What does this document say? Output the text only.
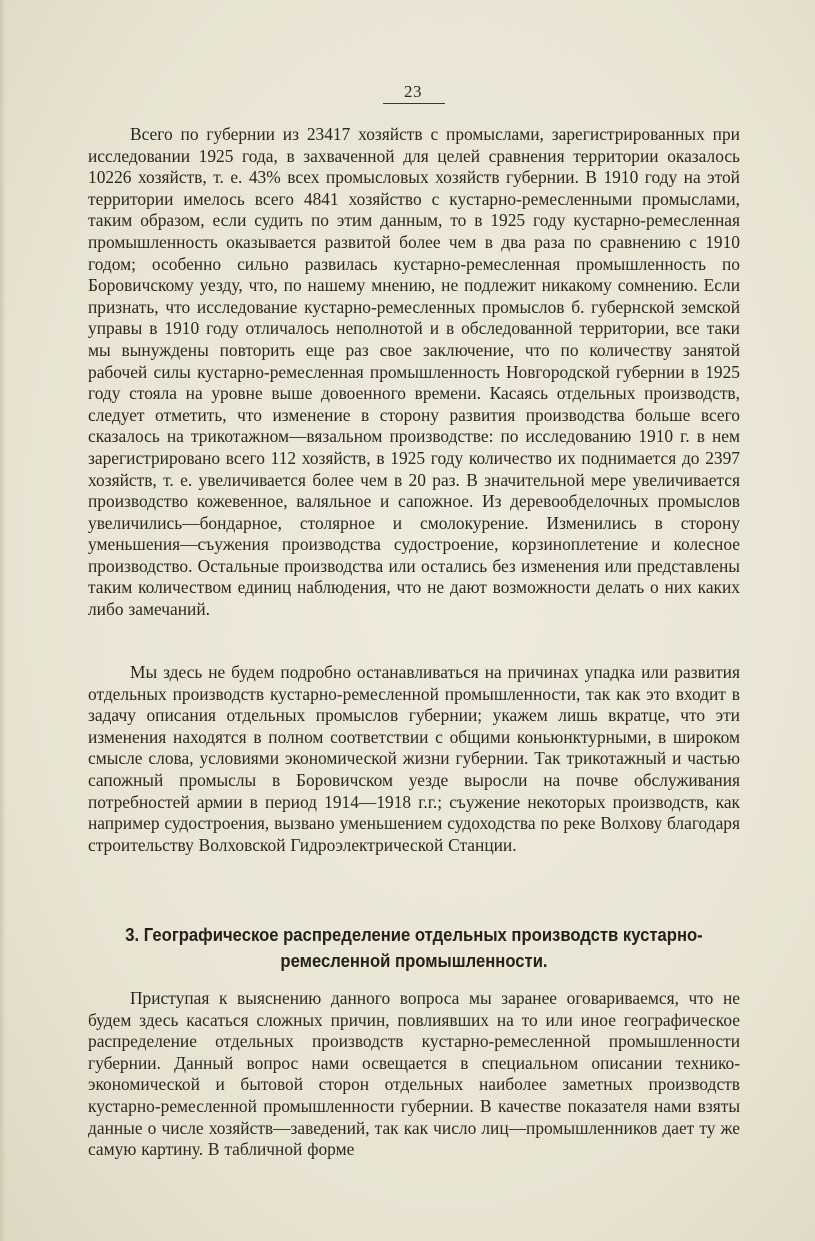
23

Всего по губернии из 23417 хозяйств с промыслами, зарегистрированных при исследовании 1925 года, в захваченной для целей сравнения территории оказалось 10226 хозяйств, т. е. 43% всех промысловых хозяйств губернии. В 1910 году на этой территории имелось всего 4841 хозяйство с кустарно-ремесленными промыслами, таким образом, если судить по этим данным, то в 1925 году кустарно-ремесленная промышленность оказывается развитой более чем в два раза по сравнению с 1910 годом; особенно сильно развилась кустарно-ремесленная промышленность по Боровичскому уезду, что, по нашему мнению, не подлежит никакому сомнению. Если признать, что исследование кустарно-ремесленных промыслов б. губернской земской управы в 1910 году отличалось неполнотой и в обследованной территории, все таки мы вынуждены повторить еще раз свое заключение, что по количеству занятой рабочей силы кустарно-ремесленная промышленность Новгородской губернии в 1925 году стояла на уровне выше довоенного времени. Касаясь отдельных производств, следует отметить, что изменение в сторону развития производства больше всего сказалось на трикотажном—вязальном производстве: по исследованию 1910 г. в нем зарегистрировано всего 112 хозяйств, в 1925 году количество их поднимается до 2397 хозяйств, т. е. увеличивается более чем в 20 раз. В значительной мере увеличивается производство кожевенное, валяльное и сапожное. Из деревообделочных промыслов увеличились—бондарное, столярное и смолокурение. Изменились в сторону уменьшения—съужения производства судостроение, корзиноплетение и колесное производство. Остальные производства или остались без изменения или представлены таким количеством единиц наблюдения, что не дают возможности делать о них каких либо замечаний.

Мы здесь не будем подробно останавливаться на причинах упадка или развития отдельных производств кустарно-ремесленной промышленности, так как это входит в задачу описания отдельных промыслов губернии; укажем лишь вкратце, что эти изменения находятся в полном соответствии с общими коньюнктурными, в широком смысле слова, условиями экономической жизни губернии. Так трикотажный и частью сапожный промыслы в Боровичском уезде выросли на почве обслуживания потребностей армии в период 1914—1918 г.г.; съужение некоторых производств, как например судостроения, вызвано уменьшением судоходства по реке Волхову благодаря строительству Волховской Гидроэлектрической Станции.

3. Географическое распределение отдельных производств кустарно-
ремесленной промышленности.

Приступая к выяснению данного вопроса мы заранее оговариваемся, что не будем здесь касаться сложных причин, повлиявших на то или иное географическое распределение отдельных производств кустарно-ремесленной промышленности губернии. Данный вопрос нами освещается в специальном описании технико-экономической и бытовой сторон отдельных наиболее заметных производств кустарно-ремесленной промышленности губернии. В качестве показателя нами взяты данные о числе хозяйств—заведений, так как число лиц—промышленников дает ту же самую картину. В табличной форме
